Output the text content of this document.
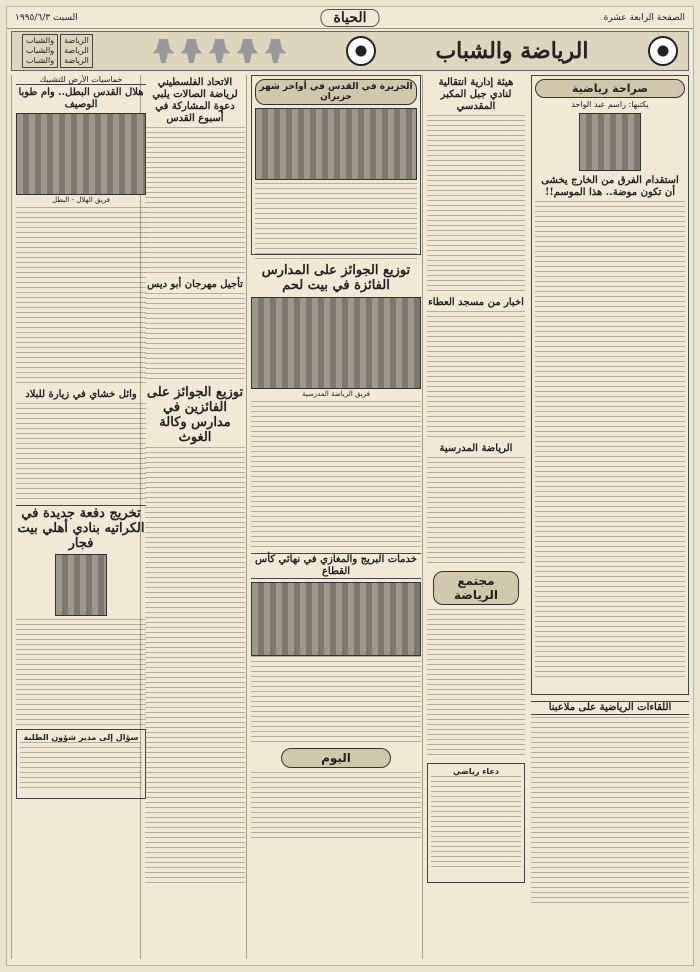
الصفحة الرابعة عشرة
الحياة
السبت ١٩٩٥/٦/٣
الرياضة والشباب
الرياضة
الرياضة
الرياضة
والشباب
والشباب
والشباب
صراحة رياضية
يكتبها: راسم عبد الواحد
استقدام الفرق من الخارج يخشى أن تكون موضة.. هذا الموسم!!
اللقاءات الرياضية على ملاعبنا
هيئة إدارية انتقالية لنادي جبل المكبر المقدسي
اخبار من مسجد العطاء
الرياضة المدرسية
مجتمع الرياضة
دعاء رياضي
الجزيرة في القدس في أواخر شهر حزيران
توزيع الجوائز على المدارس الفائزة في بيت لحم
فريق الرياضة المدرسية
خدمات البريج والمغازي في نهائي كأس القطاع
اليوم
الاتحاد الفلسطيني لرياضة الصالات يلبي دعوة المشاركة في أسبوع القدس
تأجيل مهرجان أبو ديس
توزيع الجوائز على الفائزين في مدارس وكالة الغوث
خماسيات الأرض للتشبيك
هلال القدس البطل.. وام طوبا الوصيف
فريق الهلال - البطل
وائل خشاي في زيارة للبلاد
تخريج دفعة جديدة في الكراتيه بنادي أهلي بيت فجار
سؤال إلى مدير شؤون الطلبة
